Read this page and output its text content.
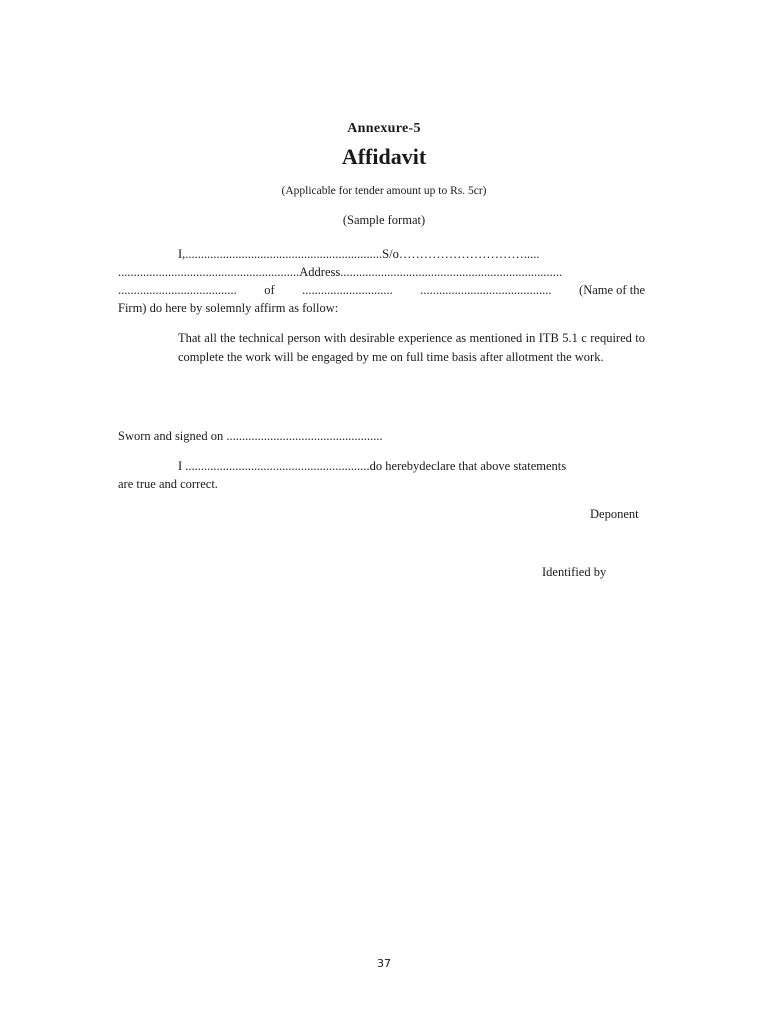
Annexure-5
Affidavit
(Applicable for tender amount up to Rs. 5cr)
(Sample format)
I,...............................................................S/o………………………….....
..........................................................Address.......................................................................
...................................... of ............................. .......................................... (Name of the
Firm) do here by solemnly affirm as follow:
That all the technical person with desirable experience as mentioned in ITB 5.1 c required to complete the work will be engaged by me on full time basis after allotment the work.
Sworn and signed on ..................................................
I ...........................................................do herebydeclare that above statements
are true and correct.
Deponent
Identified by
37
